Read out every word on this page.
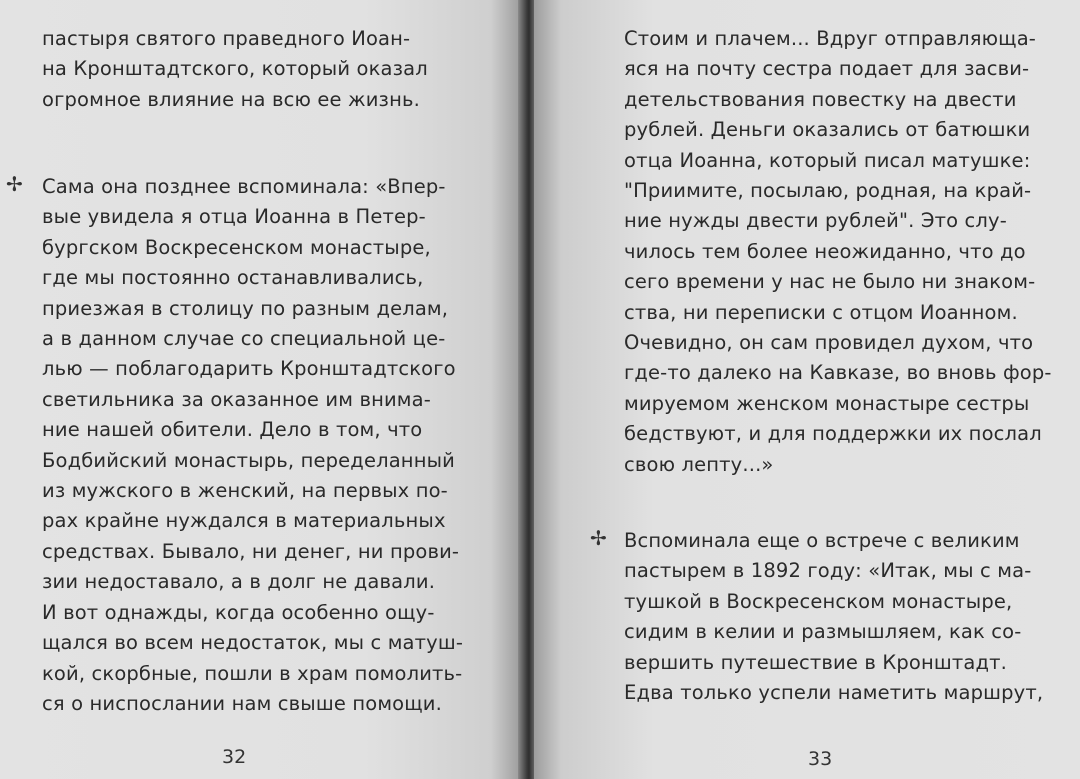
пастыря святого праведного Иоан-
на Кронштадтского, который оказал
огромное влияние на всю ее жизнь.
✢ Сама она позднее вспоминала: «Впер-
вые увидела я отца Иоанна в Петер-
бургском Воскресенском монастыре,
где мы постоянно останавливались,
приезжая в столицу по разным делам,
а в данном случае со специальной це-
лью — поблагодарить Кронштадтского
светильника за оказанное им внима-
ние нашей обители. Дело в том, что
Бодбийский монастырь, переделанный
из мужского в женский, на первых по-
рах крайне нуждался в материальных
средствах. Бывало, ни денег, ни прови-
зии недоставало, а в долг не давали.
И вот однажды, когда особенно ощу-
щался во всем недостаток, мы с матуш-
кой, скорбные, пошли в храм помолить-
ся о ниспослании нам свыше помощи.
32
Стоим и плачем... Вдруг отправляюща-
яся на почту сестра подает для засви-
детельствования повестку на двести
рублей. Деньги оказались от батюшки
отца Иоанна, который писал матушке:
"Приимите, посылаю, родная, на край-
ние нужды двести рублей". Это слу-
чилось тем более неожиданно, что до
сего времени у нас не было ни знаком-
ства, ни переписки с отцом Иоанном.
Очевидно, он сам провидел духом, что
где-то далеко на Кавказе, во вновь фор-
мируемом женском монастыре сестры
бедствуют, и для поддержки их послал
свою лепту...»
✢ Вспоминала еще о встрече с великим
пастырем в 1892 году: «Итак, мы с ма-
тушкой в Воскресенском монастыре,
сидим в келии и размышляем, как со-
вершить путешествие в Кронштадт.
Едва только успели наметить маршрут,
33
